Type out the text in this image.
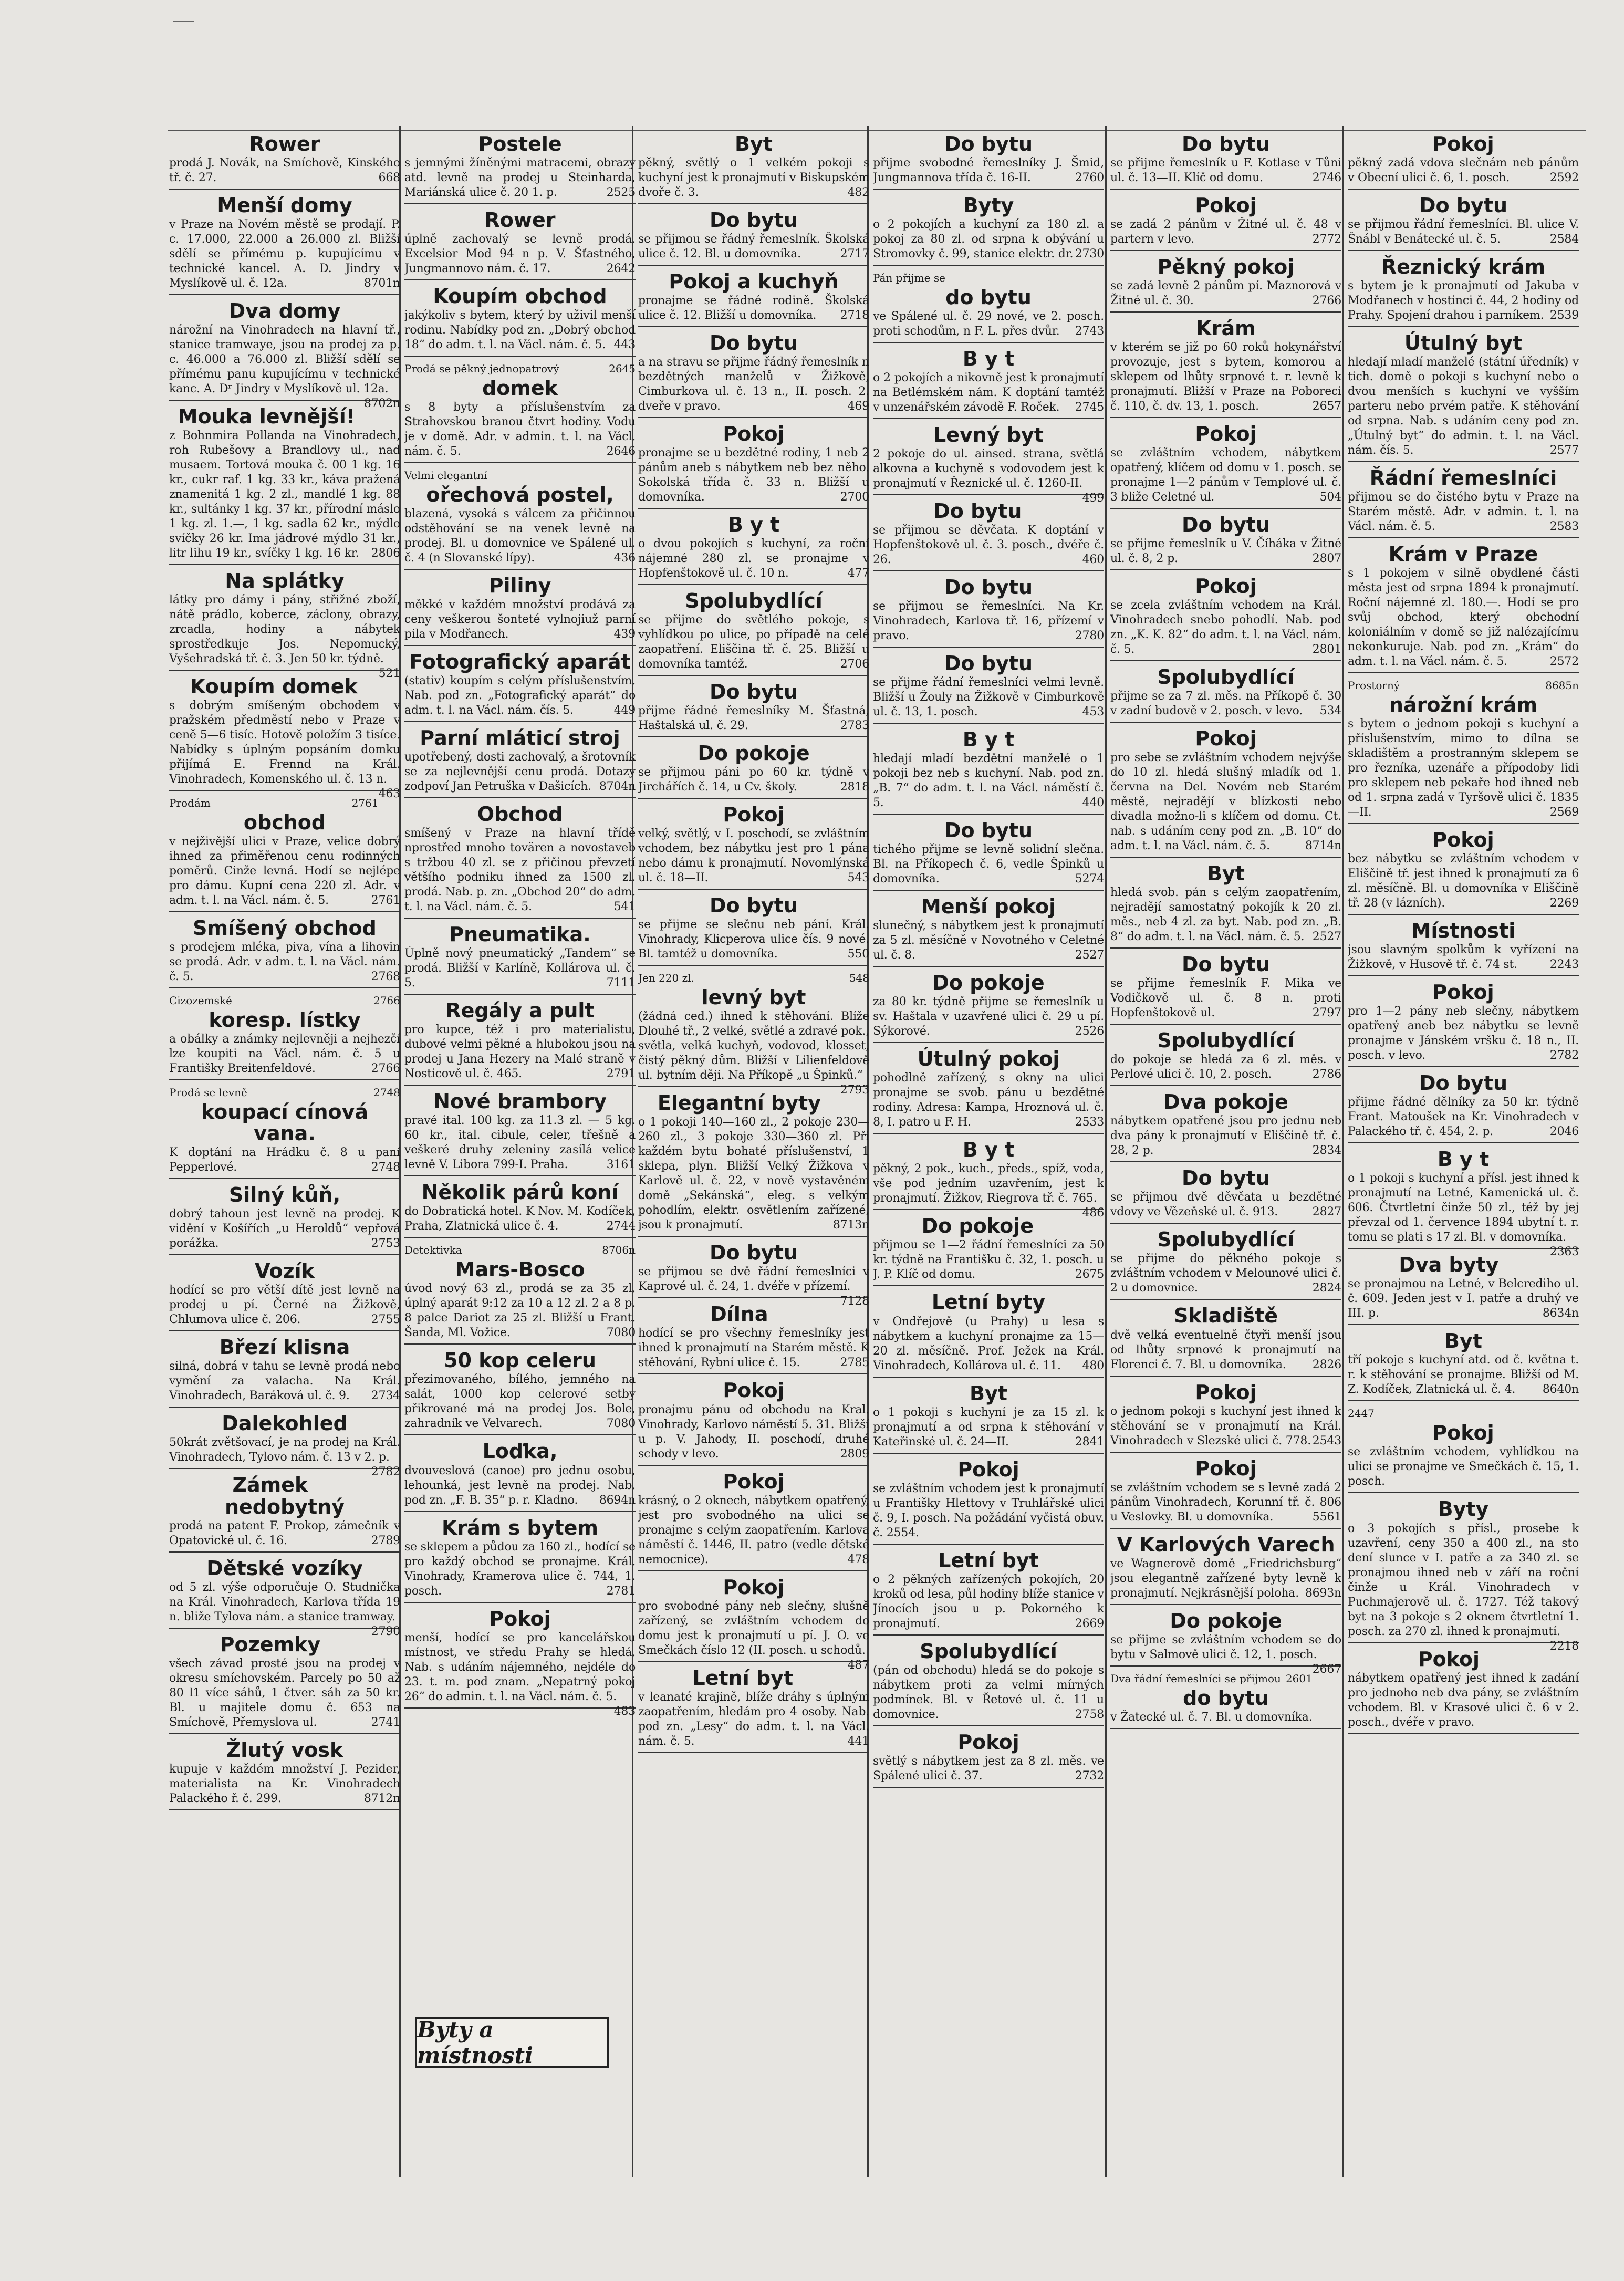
Rower

prodá J. Novák, na Smíchově, Kinského tř. č. 27.	668

Menší domy

v Praze na Novém městě se prodají. P. c. 17.000, 22.000 a 26.000 zl. Bližší sdělí se přímému p. kupujícímu v technické kancel. A. D. Jindry v Myslíkově ul. č. 12a.	8701n

Dva domy

nárožní na Vinohradech na hlavní tř., stanice tramwaye, jsou na prodej za p. c. 46.000 a 76.000 zl. Bližší sdělí se přímému panu kupujícímu v technické kanc. A. Dʳ Jindry v Myslíkově ul. 12a.
8702n

Mouka levnější!

z Bohnmira Pollanda na Vinohradech, roh Rubešovy a Brandlovy ul., nad musaem. Tortová mouka č. 00 1 kg. 16 kr., cukr raf. 1 kg. 33 kr., káva pražená znamenitá 1 kg. 2 zl., mandlé 1 kg. 88 kr., sultánky 1 kg. 37 kr., přírodní máslo 1 kg. zl. 1.—, 1 kg. sadla 62 kr., mýdlo svíčky 26 kr. Ima jádrové mýdlo 31 kr., litr lihu 19 kr., svíčky 1 kg. 16 kr. 2806

Na splátky

látky pro dámy i pány, střižné zboží, nátě prádlo, koberce, záclony, obrazy, zrcadla, hodiny a nábytek sprostředkuje Jos. Nepomucký, Vyšehradská tř. č. 3. Jen 50 kr. týdně.
521

Koupím domek

s dobrým smíšeným obchodem v pražském předměstí nebo v Praze v ceně 5—6 tisíc. Hotově položím 3 tisíce. Nabídky s úplným popsáním domku přijímá E. Frennd na Král. Vinohradech, Komenského ul. č. 13 n.
463

Prodám	2761
obchod

v nejživější ulici v Praze, velice dobrý ihned za přiměřenou cenu rodinných poměrů. Cinže levná. Hodí se nejlépe pro dámu. Kupní cena 220 zl. Adr. v adm. t. l. na Václ. nám. č. 5.	2761

Smíšený obchod

s prodejem mléka, piva, vína a lihovin se prodá. Adr. v adm. t. l. na Václ. nám. č. 5.	2768

Cizozemské	2766
koresp. lístky

a obálky a známky nejlevněji a nejhezčí lze koupiti na Václ. nám. č. 5 u Františky Breitenfeldové.	2766

Prodá se levně	2748
koupací cínová vana.

K doptání na Hrádku č. 8 u paní Pepperlové.	2748

Silný kůň,

dobrý tahoun jest levně na prodej. K vidění v Košířích „u Heroldů“ vepřová porážka.	2753

Vozík

hodící se pro větší dítě jest levně na prodej u pí. Černé na Žižkově, Chlumova ulice č. 206.	2755

Březí klisna

silná, dobrá v tahu se levně prodá nebo vymění za valacha. Na Král. Vinohradech, Baráková ul. č. 9. 2734

Dalekohled

50krát zvětšovací, je na prodej na Král. Vinohradech, Tylovo nám. č. 13 v 2. p.
2782

Zámek nedobytný

prodá na patent F. Prokop, zámečník v Opatovické ul. č. 16.	2789

Dětské vozíky

od 5 zl. výše odporučuje O. Studnička na Král. Vinohradech, Karlova třída 19 n. bliže Tylova nám. a stanice tramway.
2790

Pozemky

všech závad prosté jsou na prodej v okresu smíchovském. Parcely po 50 až 80 l1 více sáhů, 1 čtver. sáh za 50 kr. Bl. u majitele domu č. 653 na Smíchově, Přemyslova ul.	2741

Žlutý vosk

kupuje v každém množství J. Pezider, materialista na Kr. Vinohradech Palackého ř. č. 299.	8712n

Postele

s jemnými žíněnými matracemi, obrazy atd. levně na prodej u Steinharda, Mariánská ulice č. 20 1. p.	2525

Rower

úplně zachovalý se levně prodá. Excelsior Mod 94 n p. V. Šťastného, Jungmannovo nám. č. 17.	2642

Koupím obchod

jakýkoliv s bytem, který by uživil menší rodinu. Nabídky pod zn. „Dobrý obchod 18“ do adm. t. l. na Václ. nám. č. 5. 443

Prodá se pěkný jednopatrový	2645
domek

s 8 byty a příslušenstvím za Strahovskou branou čtvrt hodiny. Vodu je v domě. Adr. v admin. t. l. na Václ. nám. č. 5.	2646

Velmi elegantní
ořechová postel,

blazená, vysoká s válcem za přičinnou odstěhování se na venek levně na prodej. Bl. u domovnice ve Spálené ul. č. 4 (n Slovanské lípy).	436

Piliny

měkké v každém množství prodává za ceny veškerou šonteté vylnojiuž parní pila v Modřanech.	439

Fotografický aparát

(stativ) koupím s celým příslušenstvím. Nab. pod zn. „Fotografický aparát“ do adm. t. l. na Václ. nám. čís. 5.	449

Parní mláticí stroj

upotřebený, dosti zachovalý, a šrotovník se za nejlevnější cenu prodá. Dotazy zodpoví Jan Petruška v Dašicích. 8704n

Obchod

smíšený v Praze na hlavní třídě nprostřed mnoho tovären a novostaveb s tržbou 40 zl. se z přičinou převzetí většího podniku ihned za 1500 zl. prodá. Nab. p. zn. „Obchod 20“ do adm. t. l. na Václ. nám. č. 5.	541

Pneumatika.

Úplně nový pneumatický „Tandem“ se prodá. Bližší v Karlíně, Kollárova ul. č. 5.	7111

Regály a pult

pro kupce, též i pro materialistu, dubové velmi pěkné a hlubokou jsou na prodej u Jana Hezery na Malé straně v Nosticově ul. č. 465.	2791

Nové brambory

pravé ital. 100 kg. za 11.3 zl. — 5 kg. 60 kr., ital. cibule, celer, třešně a veškeré druhy zeleniny zasílá velice levně V. Libora 799-I. Praha.	3161

Několik párů koní

do Dobratická hotel. K Nov. M. Kodíček, Praha, Zlatnická ulice č. 4.	2744

Detektivka	8706n
Mars-Bosco

úvod nový 63 zl., prodá se za 35 zl. úplný aparát 9:12 za 10 a 12 zl. 2 a 8 p. 8 palce Dariot za 25 zl. Bližší u Frant. Šanda, Ml. Vožice.	7080

50 kop celeru

přezimovaného, bílého, jemného na salát, 1000 kop celerové setby přikrované má na prodej Jos. Bole, zahradník ve Velvarech.	7080

Loďka,

dvouveslová (canoe) pro jednu osobu, lehounká, jest levně na prodej. Nab. pod zn. „F. B. 35“ p. r. Kladno. 8694n

Krám s bytem

se sklepem a půdou za 160 zl., hodící se pro každý obchod se pronajme. Král. Vinohrady, Kramerova ulice č. 744, 1. posch.	2781

Pokoj

menší, hodící se pro kancelářskou místnost, ve středu Prahy se hledá. Nab. s udáním nájemného, nejdéle do 23. t. m. pod znam. „Nepatrný pokoj 26“ do admin. t. l. na Václ. nám. č. 5.
483

Byt

pěkný, světlý o 1 velkém pokoji s kuchyní jest k pronajmutí v Biskupském dvoře č. 3.	482

Do bytu

se přijmou se řádný řemeslník. Školská ulice č. 12. Bl. u domovníka.	2717

Pokoj a kuchyň

pronajme se řádné rodině. Školská ulice č. 12. Bližší u domovníka. 2718

Do bytu

a na stravu se přijme řádný řemeslník n bezdětných manželů v Žižkově, Cimburkova ul. č. 13 n., II. posch. 2. dveře v pravo.	469

Pokoj

pronajme se u bezdětné rodiny, 1 neb 2 pánům aneb s nábytkem neb bez něho. Sokolská třída č. 33 n. Bližší u domovníka.	2700

B y t

o dvou pokojích s kuchyní, za roční nájemné 280 zl. se pronajme v Hopfenštokově ul. č. 10 n.	477

Spolubydlící

se přijme do světlého pokoje, s vyhlídkou po ulice, po případě na celé zaopatření. Eliščina tř. č. 25. Bližší u domovníka tamtéž.	2706

Do bytu

přijme řádné řemeslníky M. Šťastná, Haštalská ul. č. 29.	2783

Do pokoje

se přijmou páni po 60 kr. týdně v Jirchářích č. 14, u Cv. školy.	2818

Pokoj

velký, světlý, v I. poschodí, se zvláštním vchodem, bez nábytku jest pro 1 pána nebo dámu k pronajmutí. Novomlýnská ul. č. 18—II.	543

Do bytu

se přijme se slečnu neb pání. Král. Vinohrady, Klicperova ulice čís. 9 nové. Bl. tamtéž u domovníka.	550

Jen 220 zl.	548
levný byt

(žádná ced.) ihned k stěhování. Blíže Dlouhé tř., 2 velké, světlé a zdravé pok., světla, velká kuchyň, vodovod, klosset, čistý pěkný dům. Bližší v Lilienfeldově ul. bytním ději. Na Příkopě „u Špinků.“
2793

Elegantní byty

o 1 pokoji 140—160 zl., 2 pokoje 230—260 zl., 3 pokoje 330—360 zl. Při každém bytu bohaté příslušenství, 1 sklepa, plyn. Bližší Velký Žižkova v Karlově ul. č. 22, v nově vystavěném domě „Sekánská“, eleg. s velkým pohodlím, elektr. osvětlením zařízené, jsou k pronajmutí.	8713n

Do bytu

se přijmou se dvě řádní řemeslníci v Kaprové ul. č. 24, 1. dvéře v přízemí.
7128

Dílna

hodící se pro všechny řemeslníky jest ihned k pronajmutí na Starém městě. K stěhování, Rybní ulice č. 15.	2785

Pokoj

pronajmu pánu od obchodu na Kral. Vinohrady, Karlovo náměstí 5. 31. Bližší u p. V. Jahody, II. poschodí, druhé schody v levo.	2809

Pokoj

krásný, o 2 oknech, nábytkem opatřený, jest pro svobodného na ulici se pronajme s celým zaopatřením. Karlova náměstí č. 1446, II. patro (vedle dětské nemocnice).	478

Pokoj

pro svobodné pány neb slečny, slušně zařízený, se zvláštním vchodem do domu jest k pronajmutí u pí. J. O. ve Smečkách číslo 12 (II. posch. u schodů.
487

Letní byt

v leanaté krajině, blíže dráhy s úplným zaopatřením, hledám pro 4 osoby. Nab. pod zn. „Lesy“ do adm. t. l. na Václ. nám. č. 5.	441

Do bytu

přijme svobodné řemeslníky J. Šmid, Jungmannova třída č. 16-II.	2760

Byty

o 2 pokojích a kuchyní za 180 zl. a pokoj za 80 zl. od srpna k obývání u Stromovky č. 99, stanice elektr. dr. 2730

Pán přijme se
do bytu

ve Spálené ul. č. 29 nové, ve 2. posch. proti schodům, n F. L. přes dvůr. 2743

B y t

o 2 pokojích a nikovně jest k pronajmutí na Betlémském nám. K doptání tamtéž v unzenářském závodě F. Roček. 2745

Levný byt

2 pokoje do ul. ainsed. strana, světlá alkovna a kuchyně s vodovodem jest k pronajmutí v Řeznické ul. č. 1260-II.
499

Do bytu

se přijmou se děvčata. K doptání v Hopfenštokově ul. č. 3. posch., dvéře č. 26.	460

Do bytu

se přijmou se řemeslníci. Na Kr. Vinohradech, Karlova tř. 16, přízemí v pravo.	2780

Do bytu

se přijme řádní řemeslníci velmi levně. Bližší u Žouly na Žižkově v Cimburkově ul. č. 13, 1. posch.	453

B y t

hledají mladí bezdětní manželé o 1 pokoji bez neb s kuchyní. Nab. pod zn. „B. 7“ do adm. t. l. na Václ. náměstí č. 5.	440

Do bytu

tichého přijme se levně solidní slečna. Bl. na Příkopech č. 6, vedle Špinků u domovníka.	5274

Menší pokoj

slunečný, s nábytkem jest k pronajmutí za 5 zl. měsíčně v Novotného v Celetné ul. č. 8.	2527

Do pokoje

za 80 kr. týdně přijme se řemeslník u sv. Haštala v uzavřené ulici č. 29 u pí. Sýkorové.	2526

Útulný pokoj

pohodlně zařízený, s okny na ulici pronajme se svob. pánu u bezdětné rodiny. Adresa: Kampa, Hroznová ul. č. 8, I. patro u F. H.	2533

B y t

pěkný, 2 pok., kuch., předs., spíž, voda, vše pod jedním uzavřením, jest k pronajmutí. Žižkov, Riegrova tř. č. 765.
486

Do pokoje

přijmou se 1—2 řádní řemeslníci za 50 kr. týdně na Františku č. 32, 1. posch. u J. P. Klíč od domu.	2675

Letní byty

v Ondřejově (u Prahy) u lesa s nábytkem a kuchyní pronajme za 15—20 zl. měsíčně. Prof. Ježek na Král. Vinohradech, Kollárova ul. č. 11. 480

Byt

o 1 pokoji s kuchyní je za 15 zl. k pronajmutí a od srpna k stěhování v Kateřinské ul. č. 24—II.	2841

Pokoj

se zvláštním vchodem jest k pronajmutí u Františky Hlettovy v Truhlářské ulici č. 9, I. posch. Na požádání vyčistá obuv. č. 2554.

Letní byt

o 2 pěkných zařízených pokojích, 20 kroků od lesa, půl hodiny blíže stanice v Jínocích jsou u p. Pokorného k pronajmutí.	2669

Spolubydlící

(pán od obchodu) hledá se do pokoje s nábytkem proti za velmi mírných podmínek. Bl. v Řetové ul. č. 11 u domovnice.	2758

Pokoj

světlý s nábytkem jest za 8 zl. měs. ve Spálené ulici č. 37.	2732

Do bytu

se přijme řemeslník u F. Kotlase v Tůni ul. č. 13—II. Klíč od domu.	2746

Pokoj

se zadá 2 pánům v Žitné ul. č. 48 v partern v levo.	2772

Pěkný pokoj

se zadá levně 2 pánům pí. Maznorová v Žitné ul. č. 30.	2766

Krám

v kterém se již po 60 roků hokynářství provozuje, jest s bytem, komorou a sklepem od lhůty srpnové t. r. levně k pronajmutí. Bližší v Praze na Poboreci č. 110, č. dv. 13, 1. posch.	2657

Pokoj

se zvláštním vchodem, nábytkem opatřený, klíčem od domu v 1. posch. se pronajme 1—2 pánům v Templové ul. č. 3 bliže Celetné ul.	504

Do bytu

se přijme řemeslník u V. Číháka v Žitné ul. č. 8, 2 p.	2807

Pokoj

se zcela zvláštním vchodem na Král. Vinohradech snebo pohodlí. Nab. pod zn. „K. K. 82“ do adm. t. l. na Václ. nám. č. 5.	2801

Spolubydlící

přijme se za 7 zl. měs. na Příkopě č. 30 v zadní budově v 2. posch. v levo. 534

Pokoj

pro sebe se zvláštním vchodem nejvýše do 10 zl. hledá slušný mladík od 1. června na Del. Novém neb Starém městě, nejradějí v blízkosti nebo divadla možno-li s klíčem od domu. Ct. nab. s udáním ceny pod zn. „B. 10“ do adm. t. l. na Václ. nám. č. 5.	8714n

Byt

hledá svob. pán s celým zaopatřením, nejradějí samostatný pokojík k 20 zl. měs., neb 4 zl. za byt. Nab. pod zn. „B. 8“ do adm. t. l. na Václ. nám. č. 5. 2527

Do bytu

se přijme řemeslník F. Mika ve Vodičkově ul. č. 8 n. proti Hopfenštokově ul.	2797

Spolubydlící

do pokoje se hledá za 6 zl. měs. v Perlové ulici č. 10, 2. posch.	2786

Dva pokoje

nábytkem opatřené jsou pro jednu neb dva pány k pronajmutí v Eliščině tř. č. 28, 2 p.	2834

Do bytu

se přijmou dvě děvčata u bezdětné vdovy ve Vězeňské ul. č. 913.	2827

Spolubydlící

se přijme do pěkného pokoje s zvláštním vchodem v Melounové ulici č. 2 u domovnice.	2824

Skladiště

dvě velká eventuelně čtyři menší jsou od lhůty srpnové k pronajmutí na Florenci č. 7. Bl. u domovníka. 2826

Pokoj

o jednom pokoji s kuchyní jest ihned k stěhování se v pronajmutí na Král. Vinohradech v Slezské ulici č. 778. 2543

Pokoj

se zvláštním vchodem se s levně zadá 2 pánům Vinohradech, Korunní tř. č. 806 u Veslovky. Bl. u domovníka.	5561

V Karlových Varech

ve Wagnerově domě „Friedrichsburg“ jsou elegantně zařízené byty levně k pronajmutí. Nejkrásnější poloha. 8693n

Do pokoje

se přijme se zvláštním vchodem se do bytu v Salmově ulici č. 12, 1. posch.
2667

Dva řádní řemeslníci se přijmou 2601
do bytu

v Žatecké ul. č. 7. Bl. u domovníka.

Pokoj

pěkný zadá vdova slečnám neb pánům v Obecní ulici č. 6, 1. posch.	2592

Do bytu

se přijmou řádní řemeslníci. Bl. ulice V. Šnábl v Benátecké ul. č. 5.	2584

Řeznický krám

s bytem je k pronajmutí od Jakuba v Modřanech v hostinci č. 44, 2 hodiny od Prahy. Spojení drahou i parníkem. 2539

Útulný byt

hledají mladí manželé (státní úředník) v tich. domě o pokoji s kuchyní nebo o dvou menších s kuchyní ve vyšším parteru nebo prvém patře. K stěhování od srpna. Nab. s udáním ceny pod zn. „Útulný byt“ do admin. t. l. na Václ. nám. čís. 5.	2577

Řádní řemeslníci

přijmou se do čistého bytu v Praze na Starém městě. Adr. v admin. t. l. na Václ. nám. č. 5.	2583

Krám v Praze

s 1 pokojem v silně obydlené části města jest od srpna 1894 k pronajmutí. Roční nájemné zl. 180.—. Hodí se pro svůj obchod, který obchodní koloniálním v domě se již nalézajícímu nekonkuruje. Nab. pod zn. „Krám“ do adm. t. l. na Václ. nám. č. 5.	2572

Prostorný	8685n
nárožní krám

s bytem o jednom pokoji s kuchyní a příslušenstvím, mimo to dílna se skladištěm a prostranným sklepem se pro řezníka, uzenáře a přípodoby lidi pro sklepem neb pekaře hod ihned neb od 1. srpna zadá v Tyršově ulici č. 1835—II.	2569

Pokoj

bez nábytku se zvláštním vchodem v Eliščině tř. jest ihned k pronajmutí za 6 zl. měsíčně. Bl. u domovníka v Eliščině tř. 28 (v lázních).	2269

Místnosti

jsou slavným spolkům k vyřízení na Žižkově, v Husově tř. č. 74 st.	2243

Pokoj

pro 1—2 pány neb slečny, nábytkem opatřený aneb bez nábytku se levně pronajme v Jánském vršku č. 18 n., II. posch. v levo.	2782

Do bytu

přijme řádné dělníky za 50 kr. týdně Frant. Matoušek na Kr. Vinohradech v Palackého tř. č. 454, 2. p.	2046

B y t

o 1 pokoji s kuchyní a přísl. jest ihned k pronajmutí na Letné, Kamenická ul. č. 606. Čtvrtletní činže 50 zl., též by jej převzal od 1. července 1894 ubytní t. r. tomu se plati s 17 zl. Bl. v domovníka.
2363

Dva byty

se pronajmou na Letné, v Belcrediho ul. č. 609. Jeden jest v I. patře a druhý ve III. p.	8634n

Byt

tří pokoje s kuchyní atd. od č. května t. r. k stěhování se pronajme. Bližší od M. Z. Kodíček, Zlatnická ul. č. 4. 8640n

2447
Pokoj

se zvláštním vchodem, vyhlídkou na ulici se pronajme ve Smečkách č. 15, 1. posch.

Byty

o 3 pokojích s přísl., prosebe k uzavření, ceny 350 a 400 zl., na sto dení slunce v I. patře a za 340 zl. se pronajmou ihned neb v září na roční činže u Král. Vinohradech v Puchmajerově ul. č. 1727. Též takový byt na 3 pokoje s 2 oknem čtvrtletní 1. posch. za 270 zl. ihned k pronajmutí.
2218

Pokoj

nábytkem opatřený jest ihned k zadání pro jednoho neb dva pány, se zvláštním vchodem. Bl. v Krasové ulici č. 6 v 2. posch., dvéře v pravo.

Byty a místnosti
